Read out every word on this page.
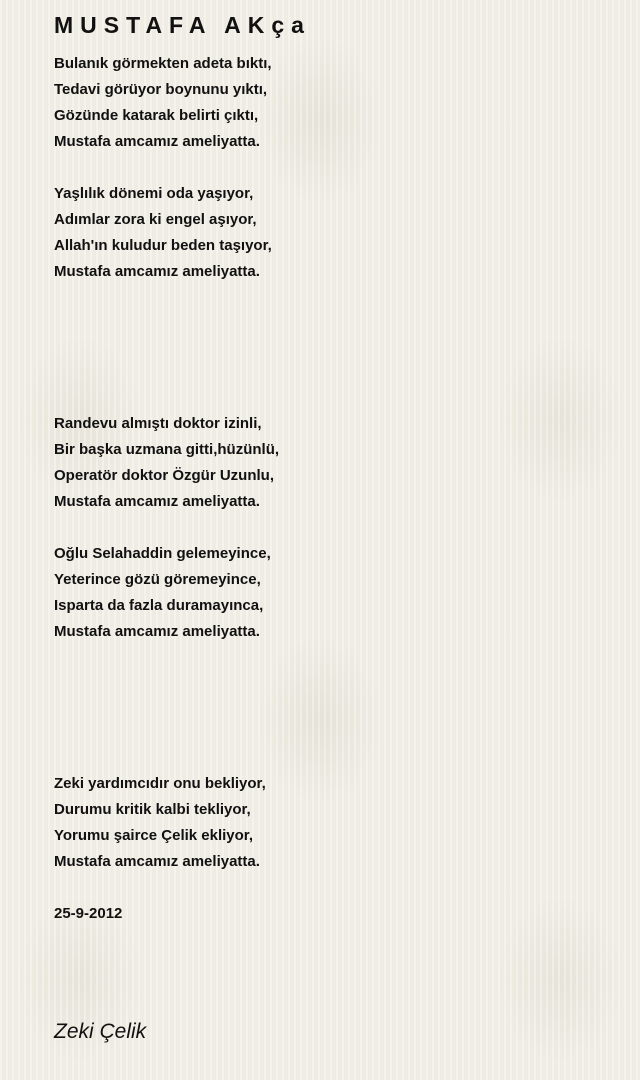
MUSTAFA AKça
Bulanık görmekten adeta bıktı,
Tedavi görüyor boynunu yıktı,
Gözünde katarak belirti çıktı,
Mustafa amcamız ameliyatta.
Yaşlılık dönemi oda yaşıyor,
Adımlar zora ki engel aşıyor,
Allah'ın kuludur beden taşıyor,
Mustafa amcamız ameliyatta.
Randevu almıştı doktor izinli,
Bir başka uzmana gitti,hüzünlü,
Operatör doktor Özgür Uzunlu,
Mustafa amcamız ameliyatta.
Oğlu Selahaddin gelemeyince,
Yeterince gözü göremeyince,
Isparta da fazla duramayınca,
Mustafa amcamız ameliyatta.
Zeki yardımcıdır onu bekliyor,
Durumu kritik kalbi tekliyor,
Yorumu şairce Çelik ekliyor,
Mustafa amcamız ameliyatta.

25-9-2012

Zeki Çelik
